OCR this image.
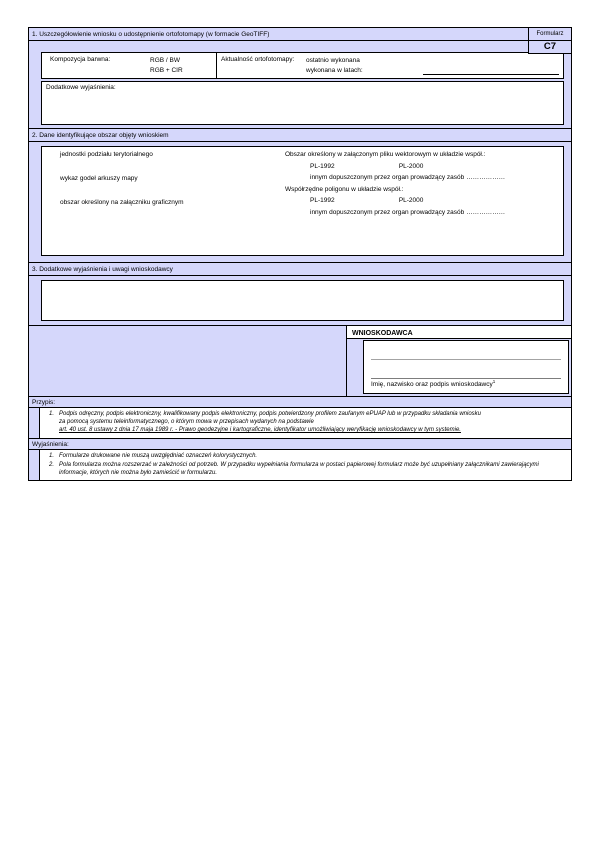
Formularz
C7
1. Uszczegółowienie wniosku o udostępnienie ortofotomapy (w formacie GeoTIFF)
Kompozycja barwna:	RGB / BW
RGB + CIR
Aktualność ortofotomapy:	ostatnio wykonana
wykonana w latach:
Dodatkowe wyjaśnienia:
2. Dane identyfikujące obszar objęty wnioskiem
jednostki podziału terytorialnego
wykaz godeł arkuszy mapy
obszar określony na załączniku graficznym
Obszar określony w załączonym pliku wektorowym w układzie współ.:
PL-1992	PL-2000
innym dopuszczonym przez organ prowadzący zasób ………………
Współrzędne poligonu w układzie współ.:
PL-1992	PL-2000
innym dopuszczonym przez organ prowadzący zasób ………………
3. Dodatkowe wyjaśnienia i uwagi wnioskodawcy
WNIOSKODAWCA
Imię, nazwisko oraz podpis wnioskodawcy$^1$
Przypis:
1. Podpis odręczny, podpis elektroniczny, kwalifikowany podpis elektroniczny, podpis potwierdzony profilem zaufanym ePUAP lub w przypadku składania wniosku
za pomocą systemu teleinformatycznego, o którym mowa w przepisach wydanych na podstawie
art. 40 ust. 8 ustawy z dnia 17 maja 1989 r. - Prawo geodezyjne i kartograficzne, identyfikator umożliwiający weryfikację wnioskodawcy w tym systemie.
Wyjaśnienia:
1. Formularze drukowane nie muszą uwzględniać oznaczeń kolorystycznych.
2. Pola formularza można rozszerzać w zależności od potrzeb. W przypadku wypełniania formularza w postaci papierowej formularz może być uzupełniany załącznikami zawierającymi informacje, których nie można było zamieścić w formularzu.
